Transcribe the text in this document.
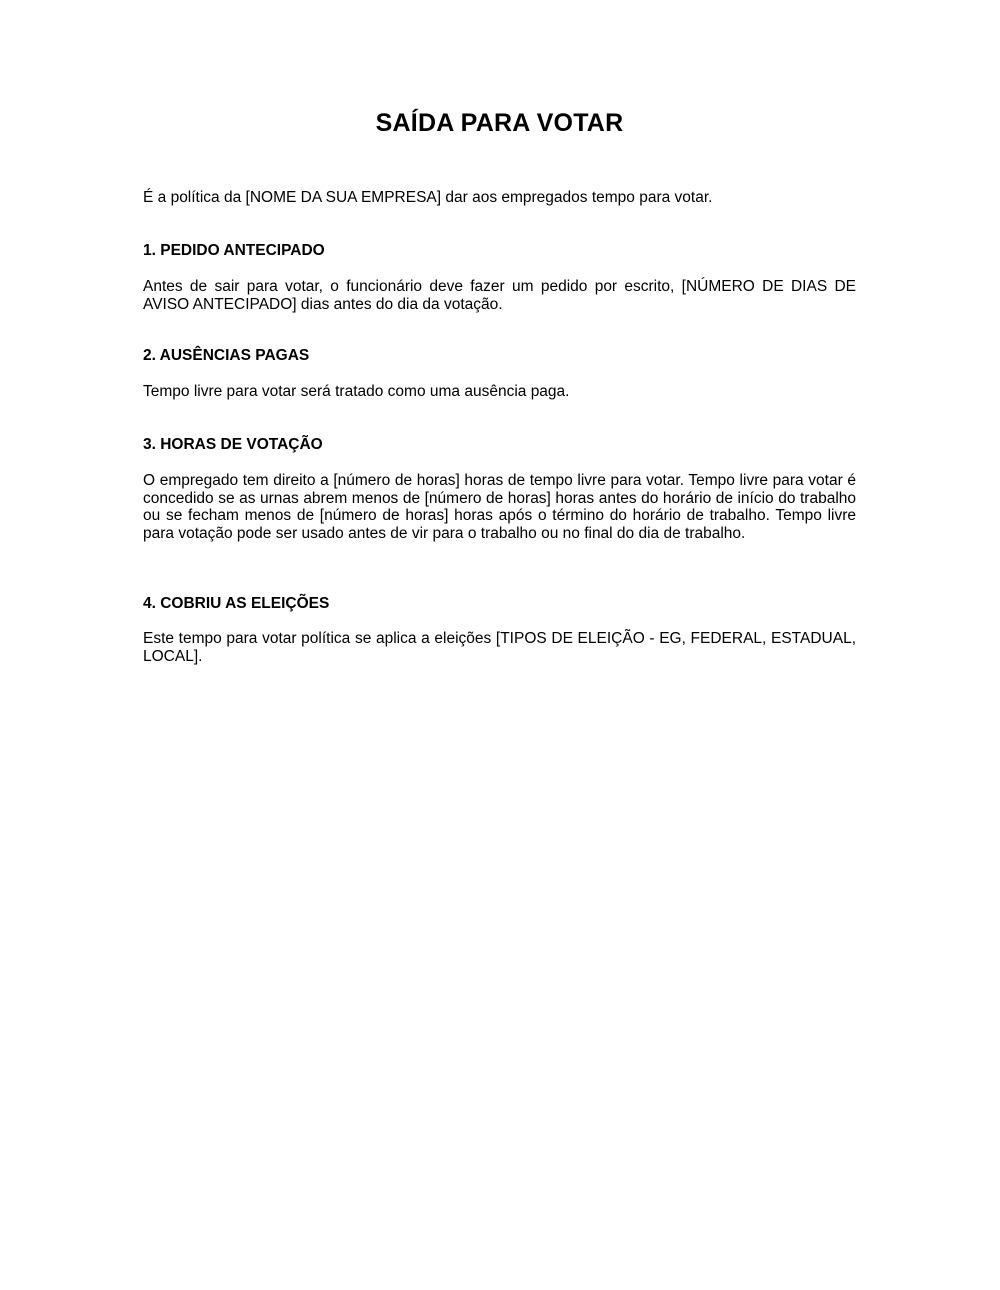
SAÍDA PARA VOTAR

É a política da [NOME DA SUA EMPRESA] dar aos empregados tempo para votar.

1. PEDIDO ANTECIPADO

Antes de sair para votar, o funcionário deve fazer um pedido por escrito, [NÚMERO DE DIAS DE AVISO ANTECIPADO] dias antes do dia da votação.

2. AUSÊNCIAS PAGAS

Tempo livre para votar será tratado como uma ausência paga.

3. HORAS DE VOTAÇÃO

O empregado tem direito a [número de horas] horas de tempo livre para votar. Tempo livre para votar é concedido se as urnas abrem menos de [número de horas] horas antes do horário de início do trabalho ou se fecham menos de [número de horas] horas após o término do horário de trabalho. Tempo livre para votação pode ser usado antes de vir para o trabalho ou no final do dia de trabalho.

4. COBRIU AS ELEIÇÕES

Este tempo para votar política se aplica a eleições [TIPOS DE ELEIÇÃO - EG, FEDERAL, ESTADUAL, LOCAL].
